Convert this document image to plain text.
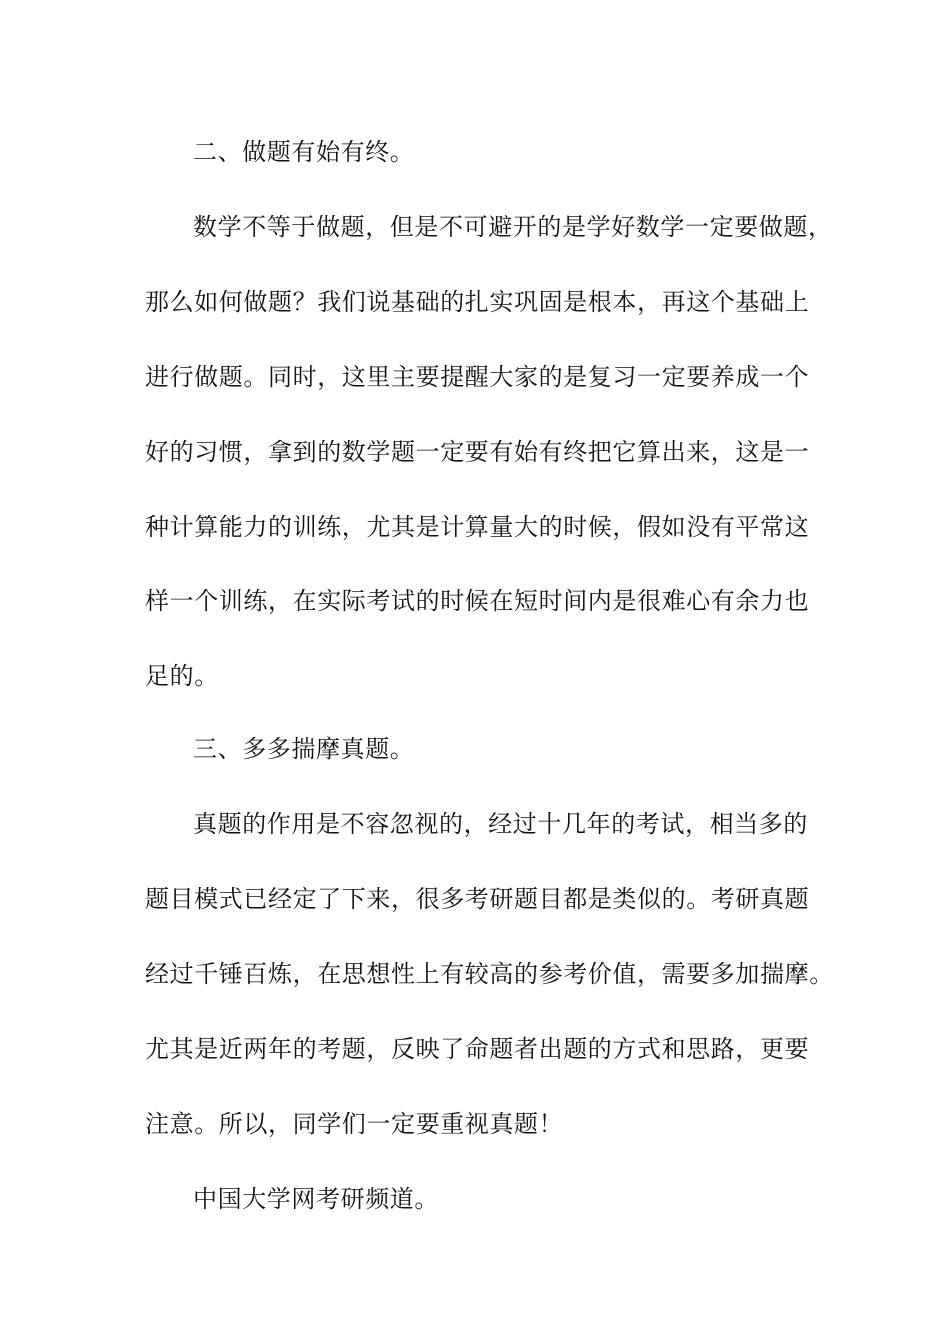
二、做题有始有终。
数学不等于做题，但是不可避开的是学好数学一定要做题，
那么如何做题？我们说基础的扎实巩固是根本，再这个基础上
进行做题。同时，这里主要提醒大家的是复习一定要养成一个
好的习惯，拿到的数学题一定要有始有终把它算出来，这是一
种计算能力的训练，尤其是计算量大的时候，假如没有平常这
样一个训练，在实际考试的时候在短时间内是很难心有余力也
足的。
三、多多揣摩真题。
真题的作用是不容忽视的，经过十几年的考试，相当多的
题目模式已经定了下来，很多考研题目都是类似的。考研真题
经过千锤百炼，在思想性上有较高的参考价值，需要多加揣摩。
尤其是近两年的考题，反映了命题者出题的方式和思路，更要
注意。所以，同学们一定要重视真题！
中国大学网考研频道。
